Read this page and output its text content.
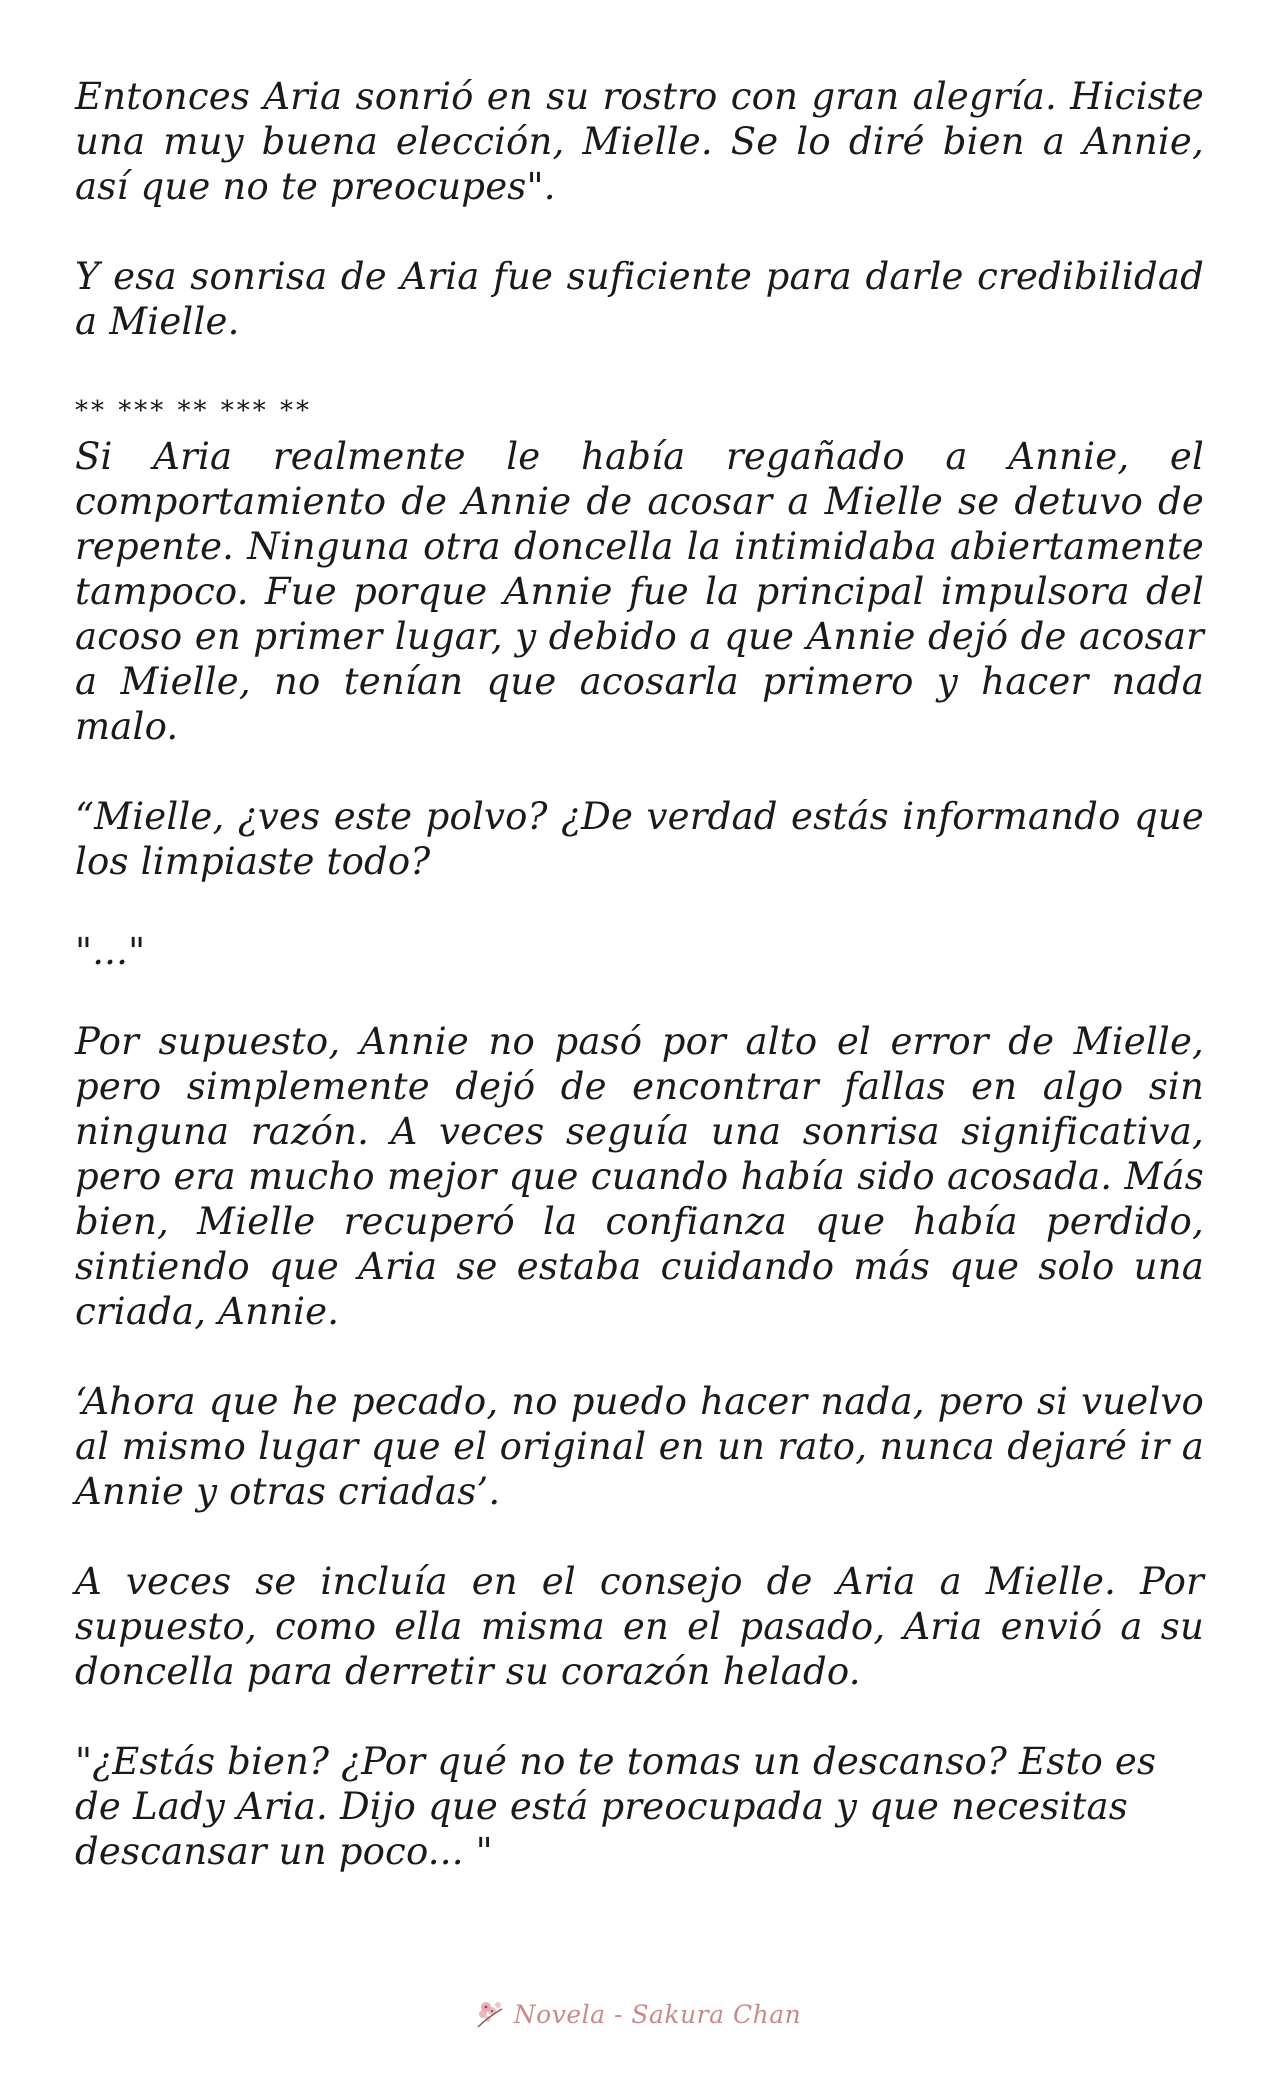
Entonces Aria sonrió en su rostro con gran alegría. Hiciste una muy buena elección, Mielle. Se lo diré bien a Annie, así que no te preocupes".

Y esa sonrisa de Aria fue suficiente para darle credibilidad a Mielle.

** *** ** *** **

Si Aria realmente le había regañado a Annie, el comportamiento de Annie de acosar a Mielle se detuvo de repente. Ninguna otra doncella la intimidaba abiertamente tampoco. Fue porque Annie fue la principal impulsora del acoso en primer lugar, y debido a que Annie dejó de acosar a Mielle, no tenían que acosarla primero y hacer nada malo.

“Mielle, ¿ves este polvo? ¿De verdad estás informando que los limpiaste todo?

"..."

Por supuesto, Annie no pasó por alto el error de Mielle, pero simplemente dejó de encontrar fallas en algo sin ninguna razón. A veces seguía una sonrisa significativa, pero era mucho mejor que cuando había sido acosada. Más bien, Mielle recuperó la confianza que había perdido, sintiendo que Aria se estaba cuidando más que solo una criada, Annie.

‘Ahora que he pecado, no puedo hacer nada, pero si vuelvo al mismo lugar que el original en un rato, nunca dejaré ir a Annie y otras criadas’.

A veces se incluía en el consejo de Aria a Mielle. Por supuesto, como ella misma en el pasado, Aria envió a su doncella para derretir su corazón helado.

"¿Estás bien? ¿Por qué no te tomas un descanso? Esto es de Lady Aria. Dijo que está preocupada y que necesitas descansar un poco... "

Novela - Sakura Chan
